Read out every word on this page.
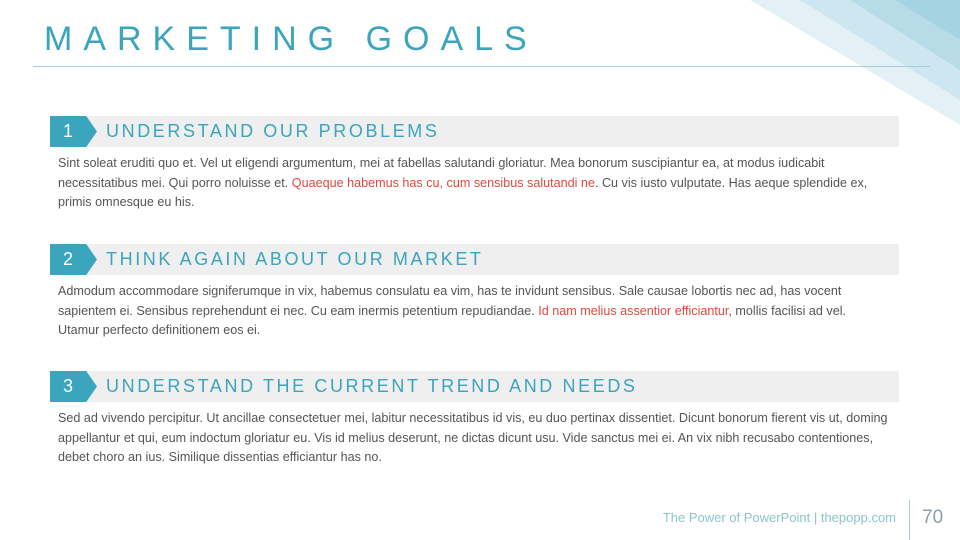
MARKETING GOALS
1	UNDERSTAND OUR PROBLEMS
Sint soleat eruditi quo et. Vel ut eligendi argumentum, mei at fabellas salutandi gloriatur. Mea bonorum suscipiantur ea, at modus iudicabit necessitatibus mei. Qui porro noluisse et. Quaeque habemus has cu, cum sensibus salutandi ne. Cu vis iusto vulputate. Has aeque splendide ex, primis omnesque eu his.
2	THINK AGAIN ABOUT OUR MARKET
Admodum accommodare signiferumque in vix, habemus consulatu ea vim, has te invidunt sensibus. Sale causae lobortis nec ad, has vocent sapientem ei. Sensibus reprehendunt ei nec. Cu eam inermis petentium repudiandae. Id nam melius assentior efficiantur, mollis facilisi ad vel. Utamur perfecto definitionem eos ei.
3	UNDERSTAND THE CURRENT TREND AND NEEDS
Sed ad vivendo percipitur. Ut ancillae consectetuer mei, labitur necessitatibus id vis, eu duo pertinax dissentiet. Dicunt bonorum fierent vis ut, doming appellantur et qui, eum indoctum gloriatur eu. Vis id melius deserunt, ne dictas dicunt usu. Vide sanctus mei ei. An vix nibh recusabo contentiones, debet choro an ius. Similique dissentias efficiantur has no.
The Power of PowerPoint | thepopp.com 70
